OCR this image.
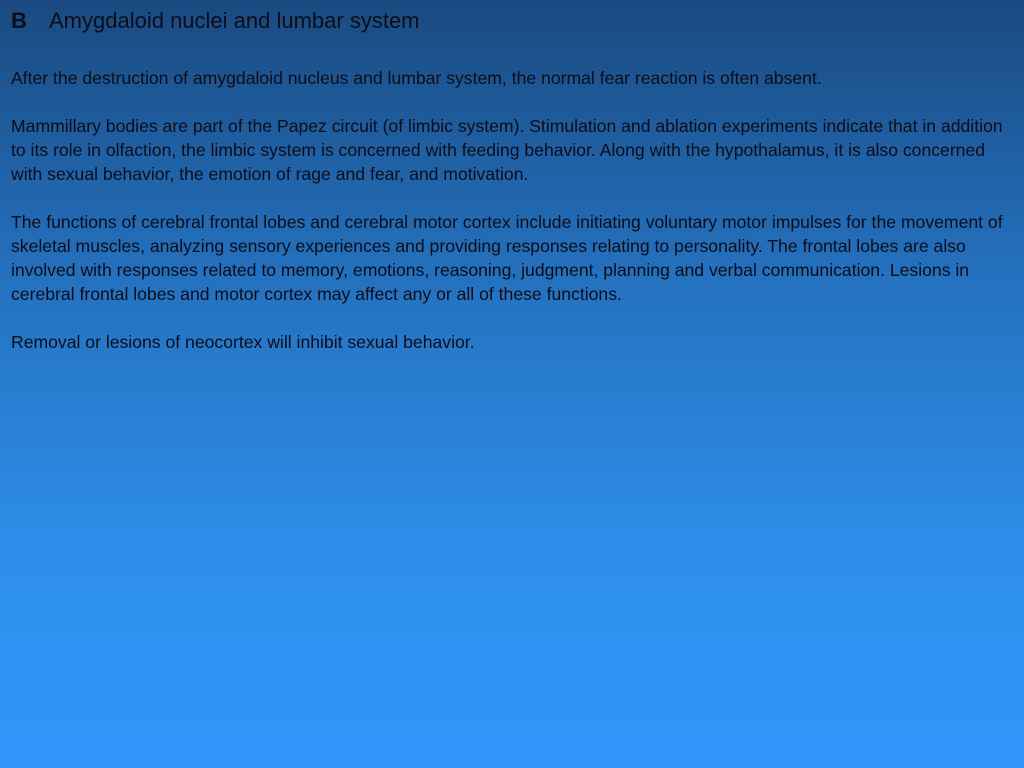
B	Amygdaloid nuclei and lumbar system

After the destruction of amygdaloid nucleus and lumbar system, the normal fear reaction is often absent.

Mammillary bodies are part of the Papez circuit (of limbic system). Stimulation and ablation experiments indicate that in addition to its role in olfaction, the limbic system is concerned with feeding behavior. Along with the hypothalamus, it is also concerned with sexual behavior, the emotion of rage and fear, and motivation.

The functions of cerebral frontal lobes and cerebral motor cortex include initiating voluntary motor impulses for the movement of skeletal muscles, analyzing sensory experiences and providing responses relating to personality. The frontal lobes are also involved with responses related to memory, emotions, reasoning, judgment, planning and verbal communication. Lesions in cerebral frontal lobes and motor cortex may affect any or all of these functions.

Removal or lesions of neocortex will inhibit sexual behavior.
